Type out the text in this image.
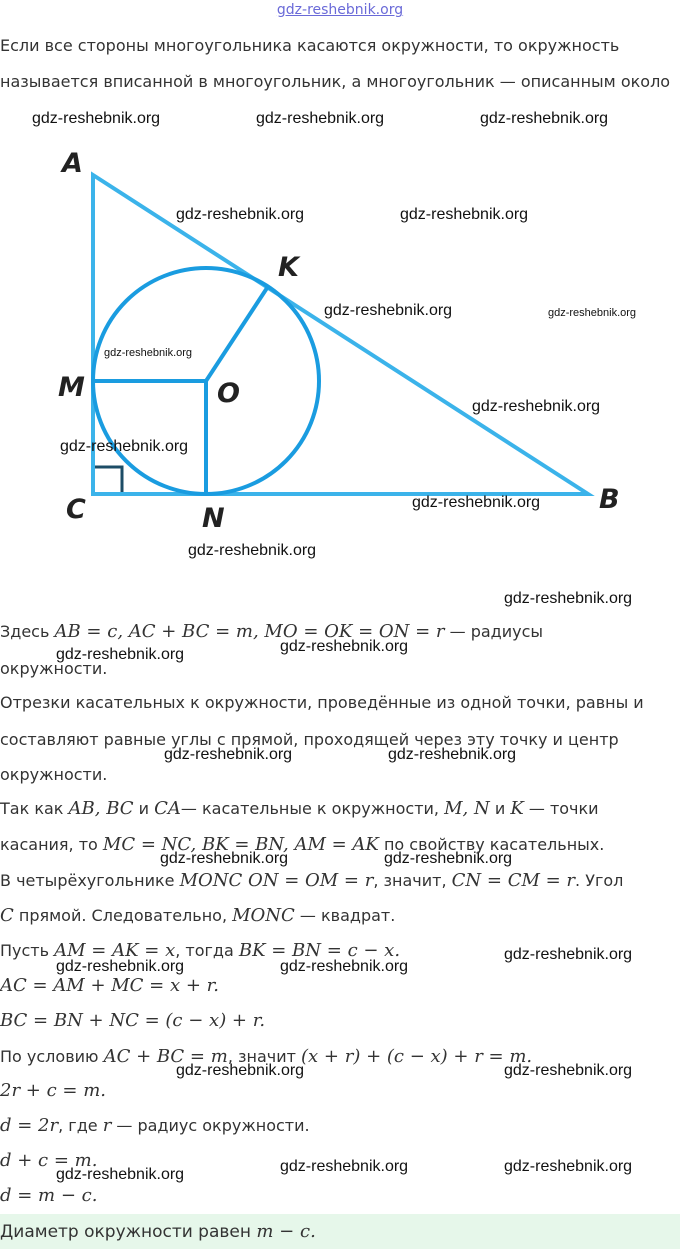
gdz-reshebnik.org
Если все стороны многоугольника касаются окружности, то окружность
называется вписанной в многоугольник, а многоугольник — описанным около
A
K
M	O
C	N
B
gdz-reshebnik.org	gdz-reshebnik.org	gdz-reshebnik.org
gdz-reshebnik.org	gdz-reshebnik.org
gdz-reshebnik.org	gdz-reshebnik.org
gdz-reshebnik.org
gdz-reshebnik.org
gdz-reshebnik.org
gdz-reshebnik.org
gdz-reshebnik.org
gdz-reshebnik.org
gdz-reshebnik.org
gdz-reshebnik.org
gdz-reshebnik.org	gdz-reshebnik.org
gdz-reshebnik.org	gdz-reshebnik.org
gdz-reshebnik.org
gdz-reshebnik.org	gdz-reshebnik.org
gdz-reshebnik.org	gdz-reshebnik.org
gdz-reshebnik.org	gdz-reshebnik.org
gdz-reshebnik.org
Здесь AB = c, AC + BC = m, MO = OK = ON = r — радиусы
окружности.
Отрезки касательных к окружности, проведённые из одной точки, равны и
составляют равные углы с прямой, проходящей через эту точку и центр
окружности.
Так как AB, BC и CA— касательные к окружности, M, N и K — точки
касания, то MC = NC, BK = BN, AM = AK по свойству касательных.
В четырёхугольнике MONC ON = OM = r, значит, CN = CM = r. Угол
C прямой. Следовательно, MONC — квадрат.
Пусть AM = AK = x, тогда BK = BN = c − x.
AC = AM + MC = x + r.
BC = BN + NC = (c − x) + r.
По условию AC + BC = m, значит (x + r) + (c − x) + r = m.
2r + c = m.
d = 2r, где r — радиус окружности.
d + c = m.
d = m − c.
Диаметр окружности равен m − c.
